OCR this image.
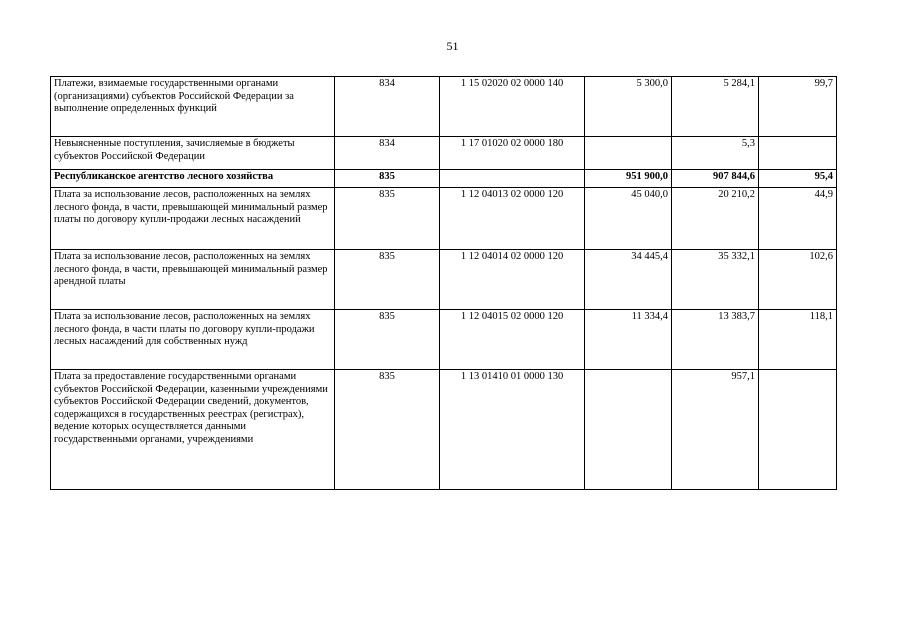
51
Платежи, взимаемые государственными органами (организациями) субъектов Российской Федерации за выполнение определенных функций	834	1 15 02020 02 0000 140	5 300,0	5 284,1	99,7
Невыясненные поступления, зачисляемые в бюджеты субъектов Российской Федерации	834	1 17 01020 02 0000 180		5,3	
Республиканское агентство лесного хозяйства	835		951 900,0	907 844,6	95,4
Плата за использование лесов, расположенных на землях лесного фонда, в части, превышающей минимальный размер платы по договору купли-продажи лесных насаждений	835	1 12 04013 02 0000 120	45 040,0	20 210,2	44,9
Плата за использование лесов, расположенных на землях лесного фонда, в части, превышающей минимальный размер арендной платы	835	1 12 04014 02 0000 120	34 445,4	35 332,1	102,6
Плата за использование лесов, расположенных на землях лесного фонда, в части платы по договору купли-продажи лесных насаждений для собственных нужд	835	1 12 04015 02 0000 120	11 334,4	13 383,7	118,1
Плата за предоставление государственными органами субъектов Российской Федерации, казенными учреждениями субъектов Российской Федерации сведений, документов, содержащихся в государственных реестрах (регистрах), ведение которых осуществляется данными государственными органами, учреждениями	835	1 13 01410 01 0000 130		957,1	
